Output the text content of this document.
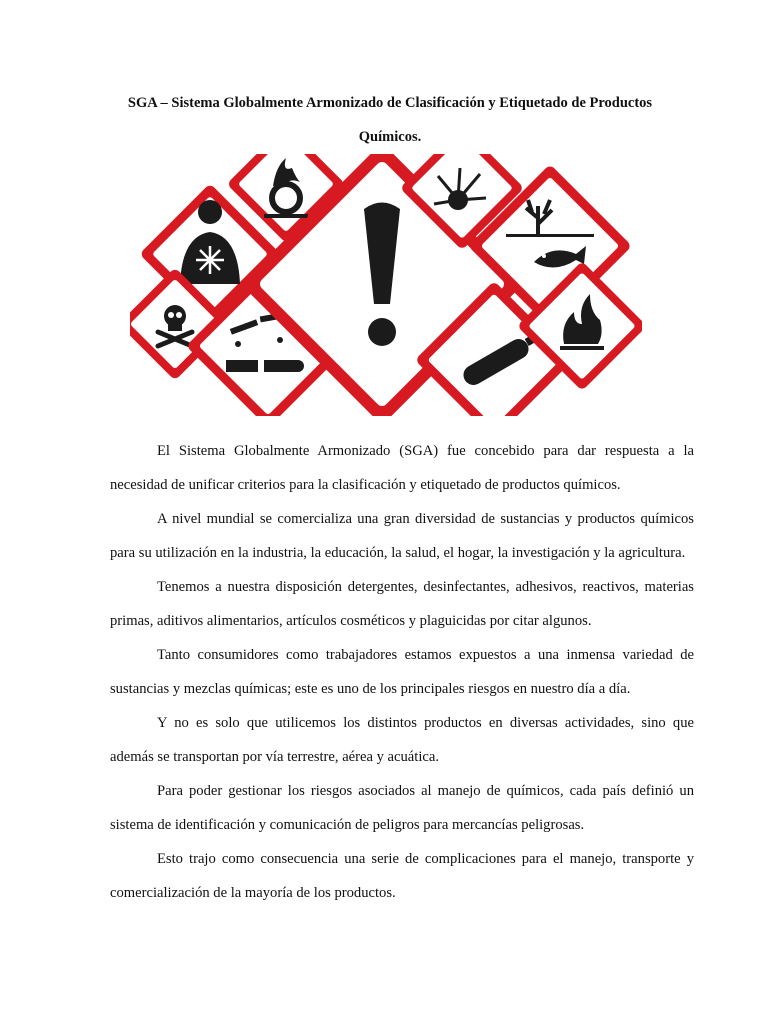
SGA – Sistema Globalmente Armonizado de Clasificación y Etiquetado de Productos Químicos.

El Sistema Globalmente Armonizado (SGA) fue concebido para dar respuesta a la necesidad de unificar criterios para la clasificación y etiquetado de productos químicos.

A nivel mundial se comercializa una gran diversidad de sustancias y productos químicos para su utilización en la industria, la educación, la salud, el hogar, la investigación y la agricultura.

Tenemos a nuestra disposición detergentes, desinfectantes, adhesivos, reactivos, materias primas, aditivos alimentarios, artículos cosméticos y plaguicidas por citar algunos.

Tanto consumidores como trabajadores estamos expuestos a una inmensa variedad de sustancias y mezclas químicas; este es uno de los principales riesgos en nuestro día a día.

Y no es solo que utilicemos los distintos productos en diversas actividades, sino que además se transportan por vía terrestre, aérea y acuática.

Para poder gestionar los riesgos asociados al manejo de químicos, cada país definió un sistema de identificación y comunicación de peligros para mercancías peligrosas.

Esto trajo como consecuencia una serie de complicaciones para el manejo, transporte y comercialización de la mayoría de los productos.
